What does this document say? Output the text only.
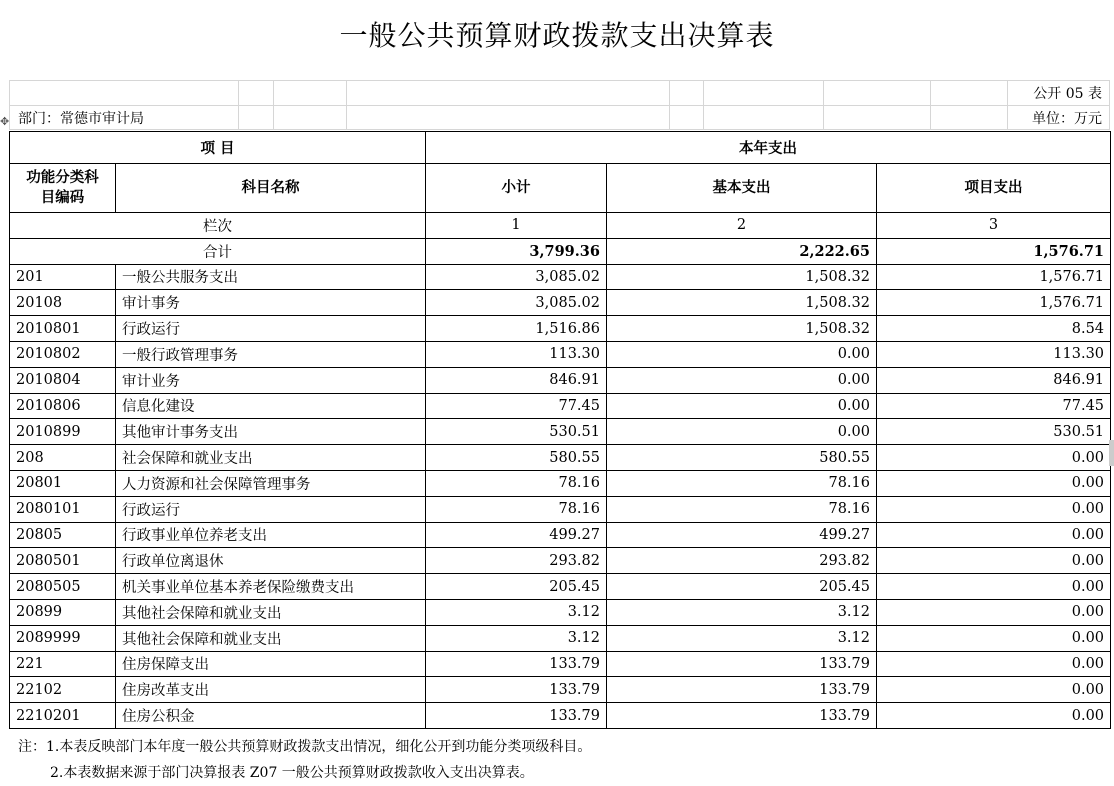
一般公共预算财政拨款支出决算表
公开 05 表
✥ 部门：常德市审计局	单位：万元
项 目		本年支出		
功能分类科目编码	科目名称	小计	基本支出	项目支出
栏次		1	2	3
合计		3,799.36	2,222.65	1,576.71
201	一般公共服务支出	3,085.02	1,508.32	1,576.71
20108	审计事务	3,085.02	1,508.32	1,576.71
2010801	行政运行	1,516.86	1,508.32	8.54
2010802	一般行政管理事务	113.30	0.00	113.30
2010804	审计业务	846.91	0.00	846.91
2010806	信息化建设	77.45	0.00	77.45
2010899	其他审计事务支出	530.51	0.00	530.51
208	社会保障和就业支出	580.55	580.55	0.00
20801	人力资源和社会保障管理事务	78.16	78.16	0.00
2080101	行政运行	78.16	78.16	0.00
20805	行政事业单位养老支出	499.27	499.27	0.00
2080501	行政单位离退休	293.82	293.82	0.00
2080505	机关事业单位基本养老保险缴费支出	205.45	205.45	0.00
20899	其他社会保障和就业支出	3.12	3.12	0.00
2089999	其他社会保障和就业支出	3.12	3.12	0.00
221	住房保障支出	133.79	133.79	0.00
22102	住房改革支出	133.79	133.79	0.00
2210201	住房公积金	133.79	133.79	0.00
注：1.本表反映部门本年度一般公共预算财政拨款支出情况，细化公开到功能分类项级科目。
2.本表数据来源于部门决算报表 Z07 一般公共预算财政拨款收入支出决算表。
